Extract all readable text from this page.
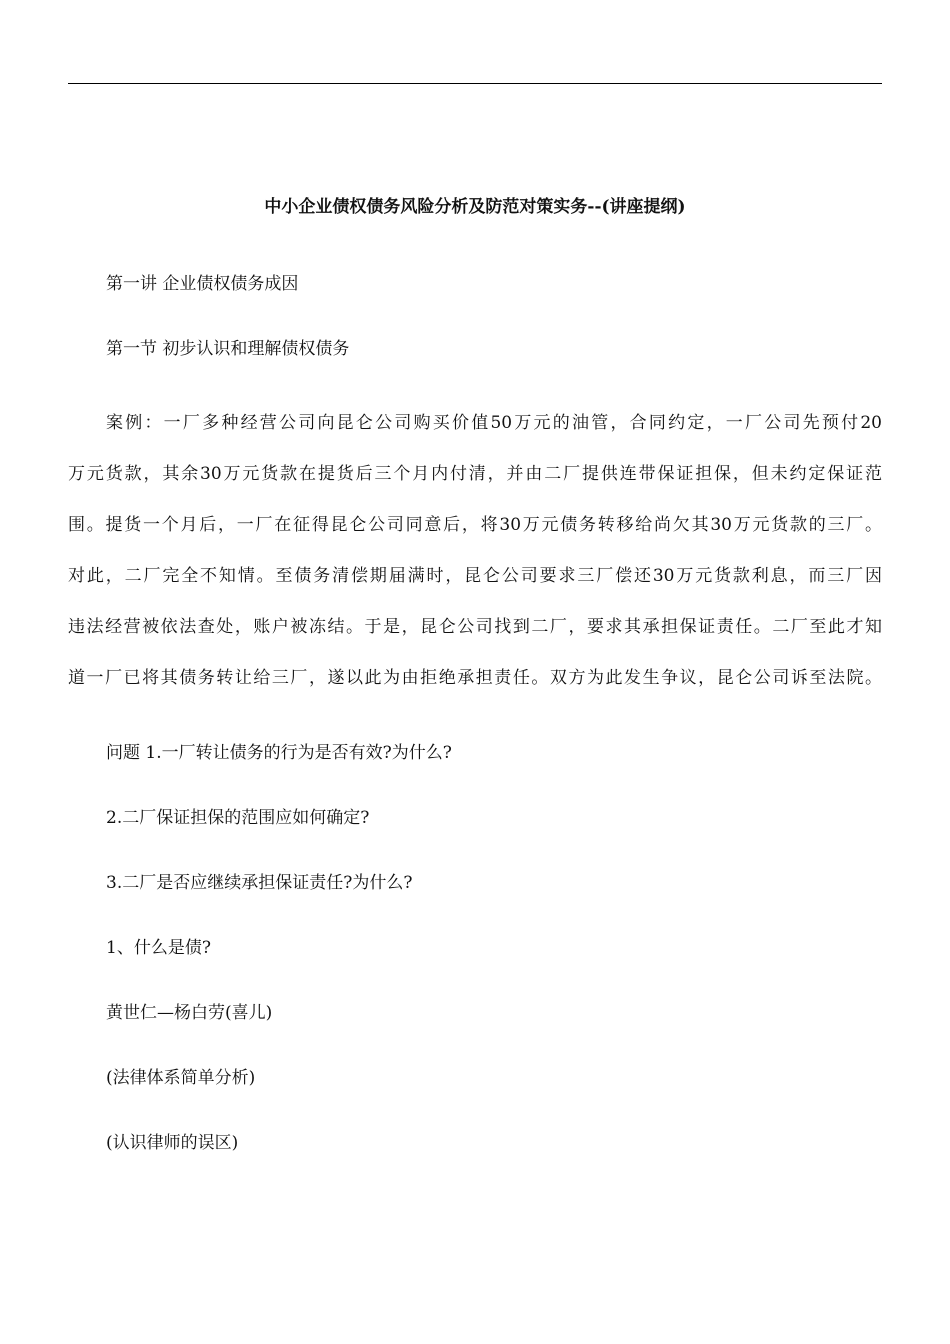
中小企业债权债务风险分析及防范对策实务--(讲座提纲)

第一讲 企业债权债务成因

第一节 初步认识和理解债权债务

案例：一厂多种经营公司向昆仑公司购买价值50万元的油管，合同约定，一厂公司先预付20
万元货款，其余30万元货款在提货后三个月内付清，并由二厂提供连带保证担保，但未约定保证范
围。提货一个月后，一厂在征得昆仑公司同意后，将30万元债务转移给尚欠其30万元货款的三厂。
对此，二厂完全不知情。至债务清偿期届满时，昆仑公司要求三厂偿还30万元货款利息，而三厂因
违法经营被依法查处，账户被冻结。于是，昆仑公司找到二厂，要求其承担保证责任。二厂至此才知
道一厂已将其债务转让给三厂，遂以此为由拒绝承担责任。双方为此发生争议，昆仑公司诉至法院。

问题 1.一厂转让债务的行为是否有效?为什么?

2.二厂保证担保的范围应如何确定?

3.二厂是否应继续承担保证责任?为什么?

1、什么是债?

黄世仁—杨白劳(喜儿)

(法律体系简单分析)

(认识律师的误区)
